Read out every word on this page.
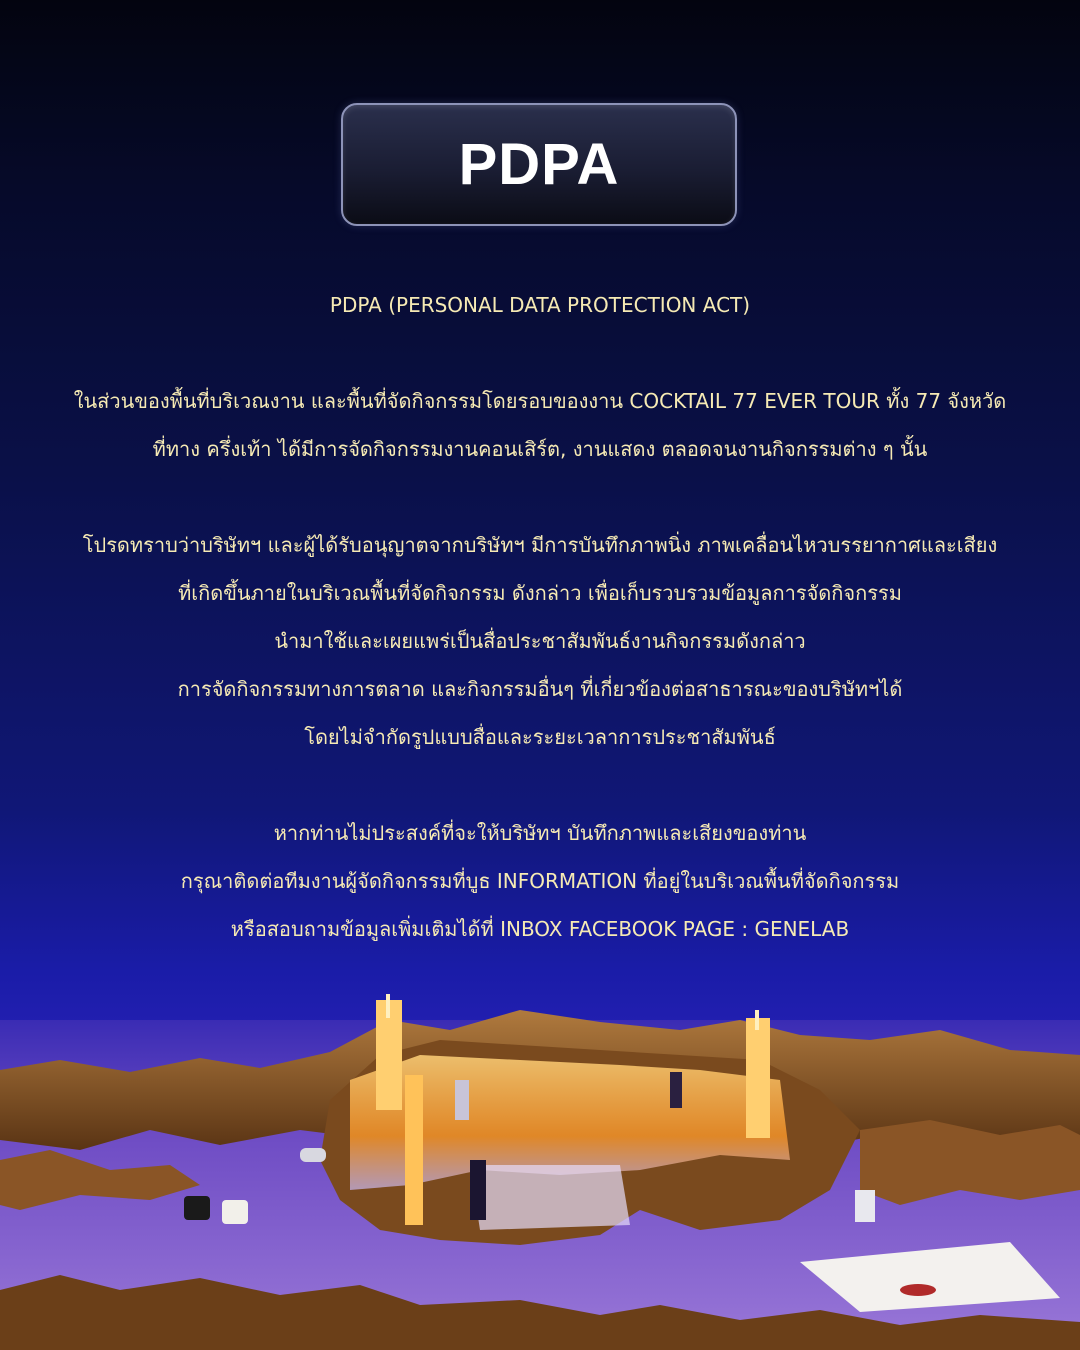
PDPA
PDPA (PERSONAL DATA PROTECTION ACT)
ในส่วนของพื้นที่บริเวณงาน และพื้นที่จัดกิจกรรมโดยรอบของงาน COCKTAIL 77 EVER TOUR ทั้ง 77 จังหวัด
ที่ทาง ครึ่งเท้า ได้มีการจัดกิจกรรมงานคอนเสิร์ต, งานแสดง ตลอดจนงานกิจกรรมต่าง ๆ นั้น
โปรดทราบว่าบริษัทฯ และผู้ได้รับอนุญาตจากบริษัทฯ มีการบันทึกภาพนิ่ง ภาพเคลื่อนไหวบรรยากาศและเสียง
ที่เกิดขึ้นภายในบริเวณพื้นที่จัดกิจกรรม ดังกล่าว เพื่อเก็บรวบรวมข้อมูลการจัดกิจกรรม
นำมาใช้และเผยแพร่เป็นสื่อประชาสัมพันธ์งานกิจกรรมดังกล่าว
การจัดกิจกรรมทางการตลาด และกิจกรรมอื่นๆ ที่เกี่ยวข้องต่อสาธารณะของบริษัทฯได้
โดยไม่จำกัดรูปแบบสื่อและระยะเวลาการประชาสัมพันธ์
หากท่านไม่ประสงค์ที่จะให้บริษัทฯ บันทึกภาพและเสียงของท่าน
กรุณาติดต่อทีมงานผู้จัดกิจกรรมที่บูธ INFORMATION ที่อยู่ในบริเวณพื้นที่จัดกิจกรรม
หรือสอบถามข้อมูลเพิ่มเติมได้ที่ INBOX FACEBOOK PAGE : GENELAB
